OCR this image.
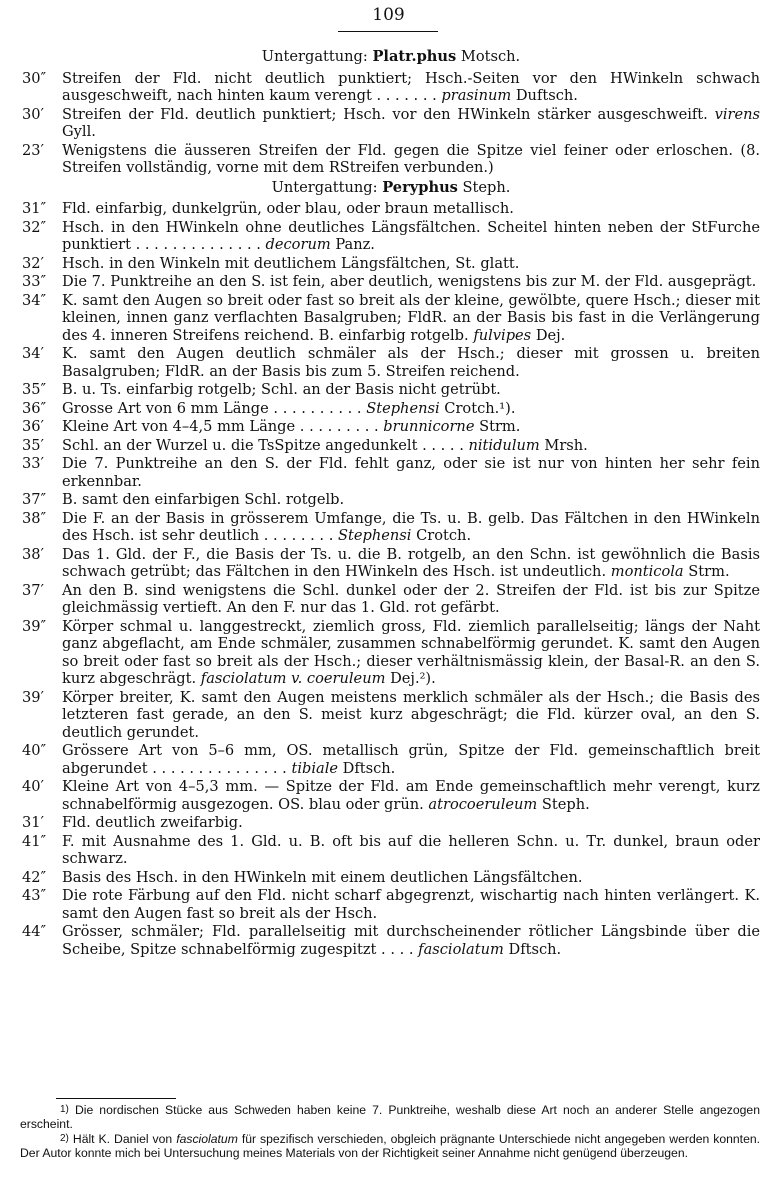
109
Untergattung: Platr.phus Motsch.
30″	Streifen der Fld. nicht deutlich punktiert; Hsch.-Seiten vor den HWinkeln schwach ausgeschweift, nach hinten kaum verengt . . . . . . . prasinum Duftsch.
30′	Streifen der Fld. deutlich punktiert; Hsch. vor den HWinkeln stärker ausgeschweift. virens Gyll.
23′	Wenigstens die äusseren Streifen der Fld. gegen die Spitze viel feiner oder erloschen. (8. Streifen vollständig, vorne mit dem RStreifen verbunden.)
Untergattung: Peryphus Steph.
31″	Fld. einfarbig, dunkelgrün, oder blau, oder braun metallisch.
32″	Hsch. in den HWinkeln ohne deutliches Längsfältchen. Scheitel hinten neben der StFurche punktiert . . . . . . . . . . . . . . decorum Panz.
32′	Hsch. in den Winkeln mit deutlichem Längsfältchen, St. glatt.
33″	Die 7. Punktreihe an den S. ist fein, aber deutlich, wenigstens bis zur M. der Fld. ausgeprägt.
34″	K. samt den Augen so breit oder fast so breit als der kleine, gewölbte, quere Hsch.; dieser mit kleinen, innen ganz verflachten Basalgruben; FldR. an der Basis bis fast in die Verlängerung des 4. inneren Streifens reichend. B. einfarbig rotgelb. fulvipes Dej.
34′	K. samt den Augen deutlich schmäler als der Hsch.; dieser mit grossen u. breiten Basalgruben; FldR. an der Basis bis zum 5. Streifen reichend.
35″	B. u. Ts. einfarbig rotgelb; Schl. an der Basis nicht getrübt.
36″	Grosse Art von 6 mm Länge . . . . . . . . . . Stephensi Crotch.¹).
36′	Kleine Art von 4–4,5 mm Länge . . . . . . . . . brunnicorne Strm.
35′	Schl. an der Wurzel u. die TsSpitze angedunkelt . . . . . nitidulum Mrsh.
33′	Die 7. Punktreihe an den S. der Fld. fehlt ganz, oder sie ist nur von hinten her sehr fein erkennbar.
37″	B. samt den einfarbigen Schl. rotgelb.
38″	Die F. an der Basis in grösserem Umfange, die Ts. u. B. gelb. Das Fältchen in den HWinkeln des Hsch. ist sehr deutlich . . . . . . . . Stephensi Crotch.
38′	Das 1. Gld. der F., die Basis der Ts. u. die B. rotgelb, an den Schn. ist gewöhnlich die Basis schwach getrübt; das Fältchen in den HWinkeln des Hsch. ist undeutlich. monticola Strm.
37′	An den B. sind wenigstens die Schl. dunkel oder der 2. Streifen der Fld. ist bis zur Spitze gleichmässig vertieft. An den F. nur das 1. Gld. rot gefärbt.
39″	Körper schmal u. langgestreckt, ziemlich gross, Fld. ziemlich parallelseitig; längs der Naht ganz abgeflacht, am Ende schmäler, zusammen schnabelförmig gerundet. K. samt den Augen so breit oder fast so breit als der Hsch.; dieser verhältnismässig klein, der Basal-R. an den S. kurz abgeschrägt. fasciolatum v. coeruleum Dej.²).
39′	Körper breiter, K. samt den Augen meistens merklich schmäler als der Hsch.; die Basis des letzteren fast gerade, an den S. meist kurz abgeschrägt; die Fld. kürzer oval, an den S. deutlich gerundet.
40″	Grössere Art von 5–6 mm, OS. metallisch grün, Spitze der Fld. gemeinschaftlich breit abgerundet . . . . . . . . . . . . . . . tibiale Dftsch.
40′	Kleine Art von 4–5,3 mm. — Spitze der Fld. am Ende gemeinschaftlich mehr verengt, kurz schnabelförmig ausgezogen. OS. blau oder grün. atrocoeruleum Steph.
31′	Fld. deutlich zweifarbig.
41″	F. mit Ausnahme des 1. Gld. u. B. oft bis auf die helleren Schn. u. Tr. dunkel, braun oder schwarz.
42″	Basis des Hsch. in den HWinkeln mit einem deutlichen Längsfältchen.
43″	Die rote Färbung auf den Fld. nicht scharf abgegrenzt, wischartig nach hinten verlängert. K. samt den Augen fast so breit als der Hsch.
44″	Grösser, schmäler; Fld. parallelseitig mit durchscheinender rötlicher Längsbinde über die Scheibe, Spitze schnabelförmig zugespitzt . . . . fasciolatum Dftsch.

1) Die nordischen Stücke aus Schweden haben keine 7. Punktreihe, weshalb diese Art noch an anderer Stelle angezogen erscheint.

2) Hält K. Daniel von fasciolatum für spezifisch verschieden, obgleich prägnante Unterschiede nicht angegeben werden konnten. Der Autor konnte mich bei Untersuchung meines Materials von der Richtigkeit seiner Annahme nicht genügend überzeugen.
